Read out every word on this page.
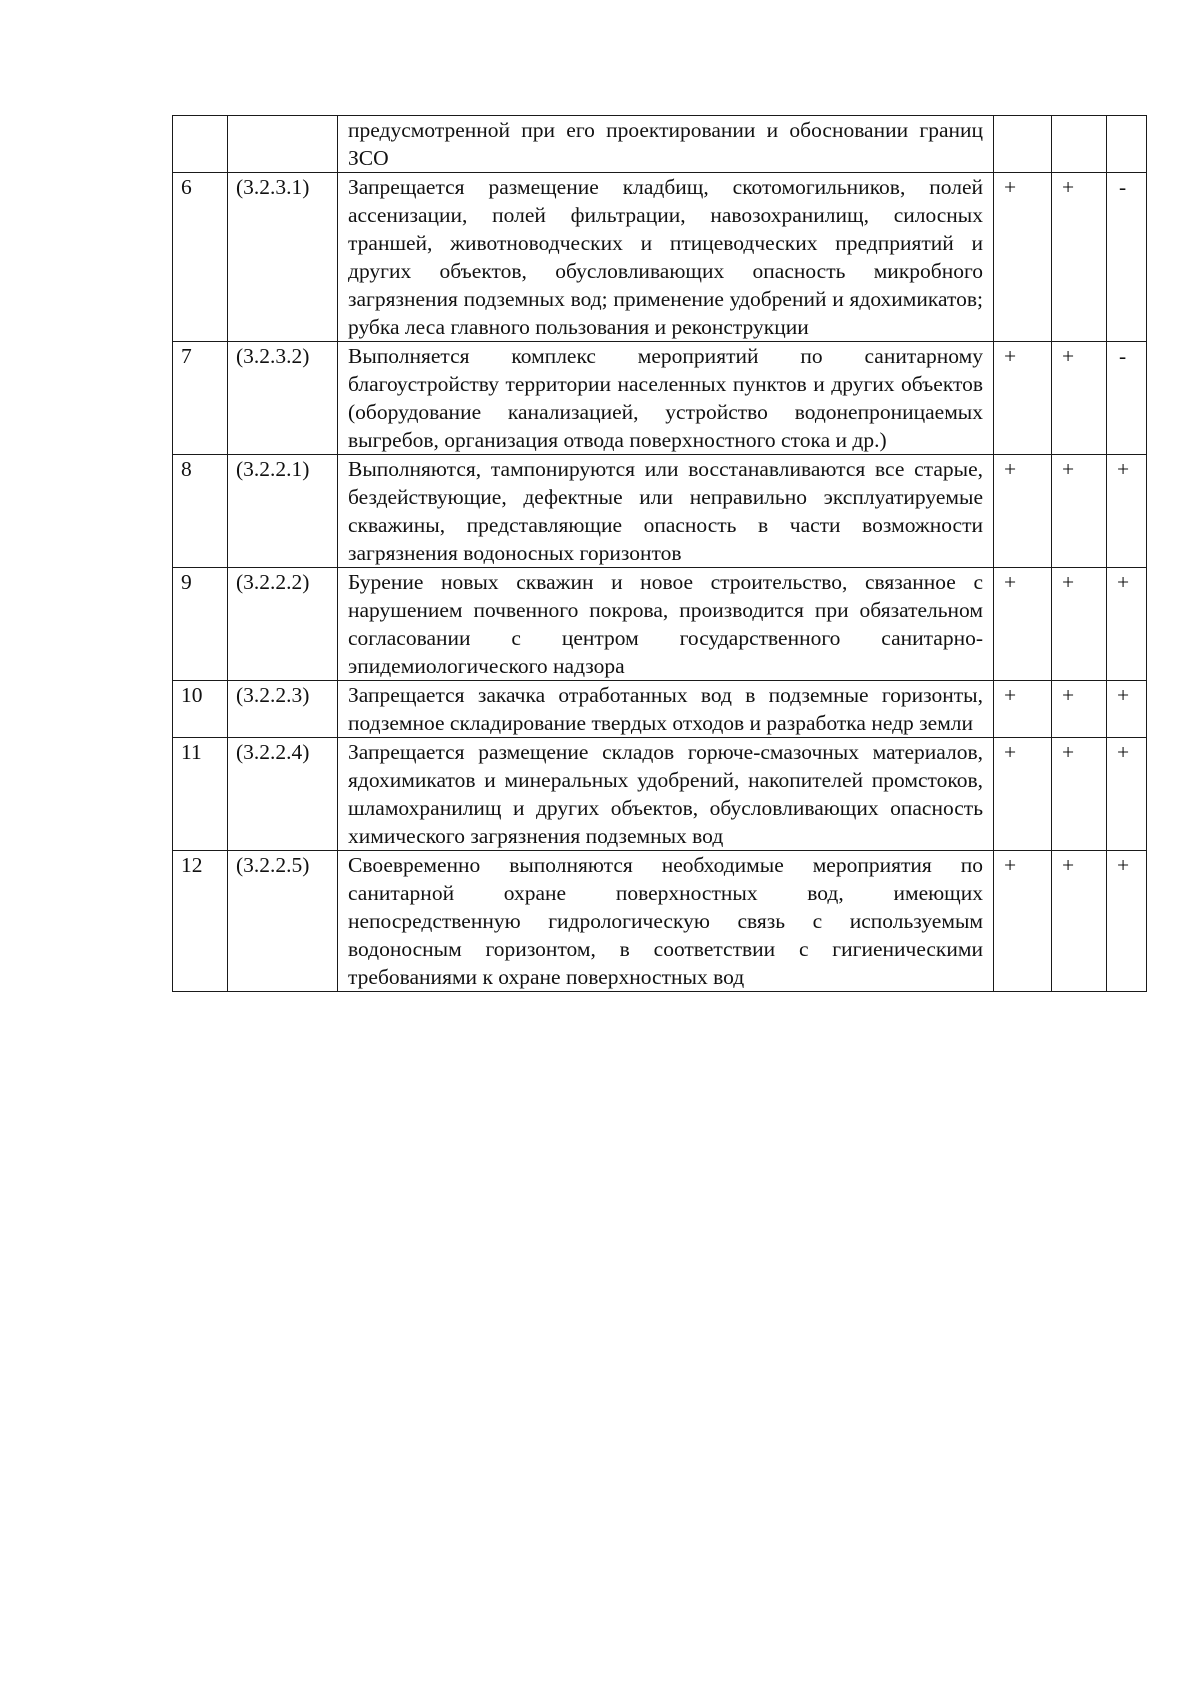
		предусмотренной при его проектировании и обосновании границ ЗСО			
6	(3.2.3.1)	Запрещается размещение кладбищ, скотомогильников, полей ассенизации, полей фильтрации, навозохранилищ, силосных траншей, животноводческих и птицеводческих предприятий и других объектов, обусловливающих опасность микробного загрязнения подземных вод; применение удобрений и ядохимикатов; рубка леса главного пользования и реконструкции	+	+	-
7	(3.2.3.2)	Выполняется комплекс мероприятий по санитарному благоустройству территории населенных пунктов и других объектов (оборудование канализацией, устройство водонепроницаемых выгребов, организация отвода поверхностного стока и др.)	+	+	-
8	(3.2.2.1)	Выполняются, тампонируются или восстанавливаются все старые, бездействующие, дефектные или неправильно эксплуатируемые скважины, представляющие опасность в части возможности загрязнения водоносных горизонтов	+	+	+
9	(3.2.2.2)	Бурение новых скважин и новое строительство, связанное с нарушением почвенного покрова, производится при обязательном согласовании с центром государственного санитарно-эпидемиологического надзора	+	+	+
10	(3.2.2.3)	Запрещается закачка отработанных вод в подземные горизонты, подземное складирование твердых отходов и разработка недр земли	+	+	+
11	(3.2.2.4)	Запрещается размещение складов горюче-смазочных материалов, ядохимикатов и минеральных удобрений, накопителей промстоков, шламохранилищ и других объектов, обусловливающих опасность химического загрязнения подземных вод	+	+	+
12	(3.2.2.5)	Своевременно выполняются необходимые мероприятия по санитарной охране поверхностных вод, имеющих непосредственную гидрологическую связь с используемым водоносным горизонтом, в соответствии с гигиеническими требованиями к охране поверхностных вод	+	+	+
